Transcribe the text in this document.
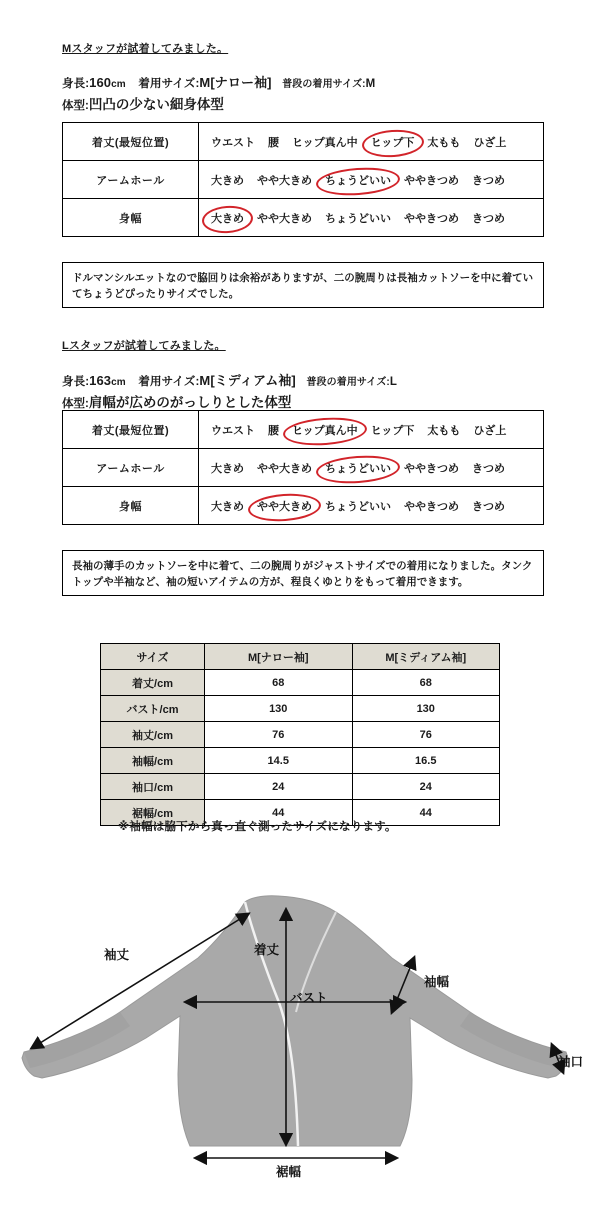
Mスタッフが試着してみました。
身長:160cm 着用サイズ:M[ナロー袖] 普段の着用サイズ:M
体型:凹凸の少ない細身体型
着丈(最短位置)	ウエスト 腰 ヒップ真ん中 ヒップ下 太もも ひざ上

アームホール	大きめ やや大きめ ちょうどいい ややきつめ きつめ

身幅	大きめ やや大きめ ちょうどいい ややきつめ きつめ
ドルマンシルエットなので脇回りは余裕がありますが、二の腕周りは長袖カットソーを中に着ていてちょうどぴったりサイズでした。
Lスタッフが試着してみました。
身長:163cm 着用サイズ:M[ミディアム袖] 普段の着用サイズ:L
体型:肩幅が広めのがっしりとした体型
着丈(最短位置)	ウエスト 腰 ヒップ真ん中 ヒップ下 太もも ひざ上

アームホール	大きめ やや大きめ ちょうどいい ややきつめ きつめ

身幅	大きめ やや大きめ ちょうどいい ややきつめ きつめ
長袖の薄手のカットソーを中に着て、二の腕周りがジャストサイズでの着用になりました。タンクトップや半袖など、袖の短いアイテムの方が、程良くゆとりをもって着用できます。
サイズ	M[ナロー袖]	M[ミディアム袖]
着丈/cm	68	68
バスト/cm	130	130
袖丈/cm	76	76
袖幅/cm	14.5	16.5
袖口/cm	24	24
裾幅/cm	44	44
※袖幅は脇下から真っ直ぐ測ったサイズになります。
袖丈	着丈
バスト
袖幅
袖口
裾幅
